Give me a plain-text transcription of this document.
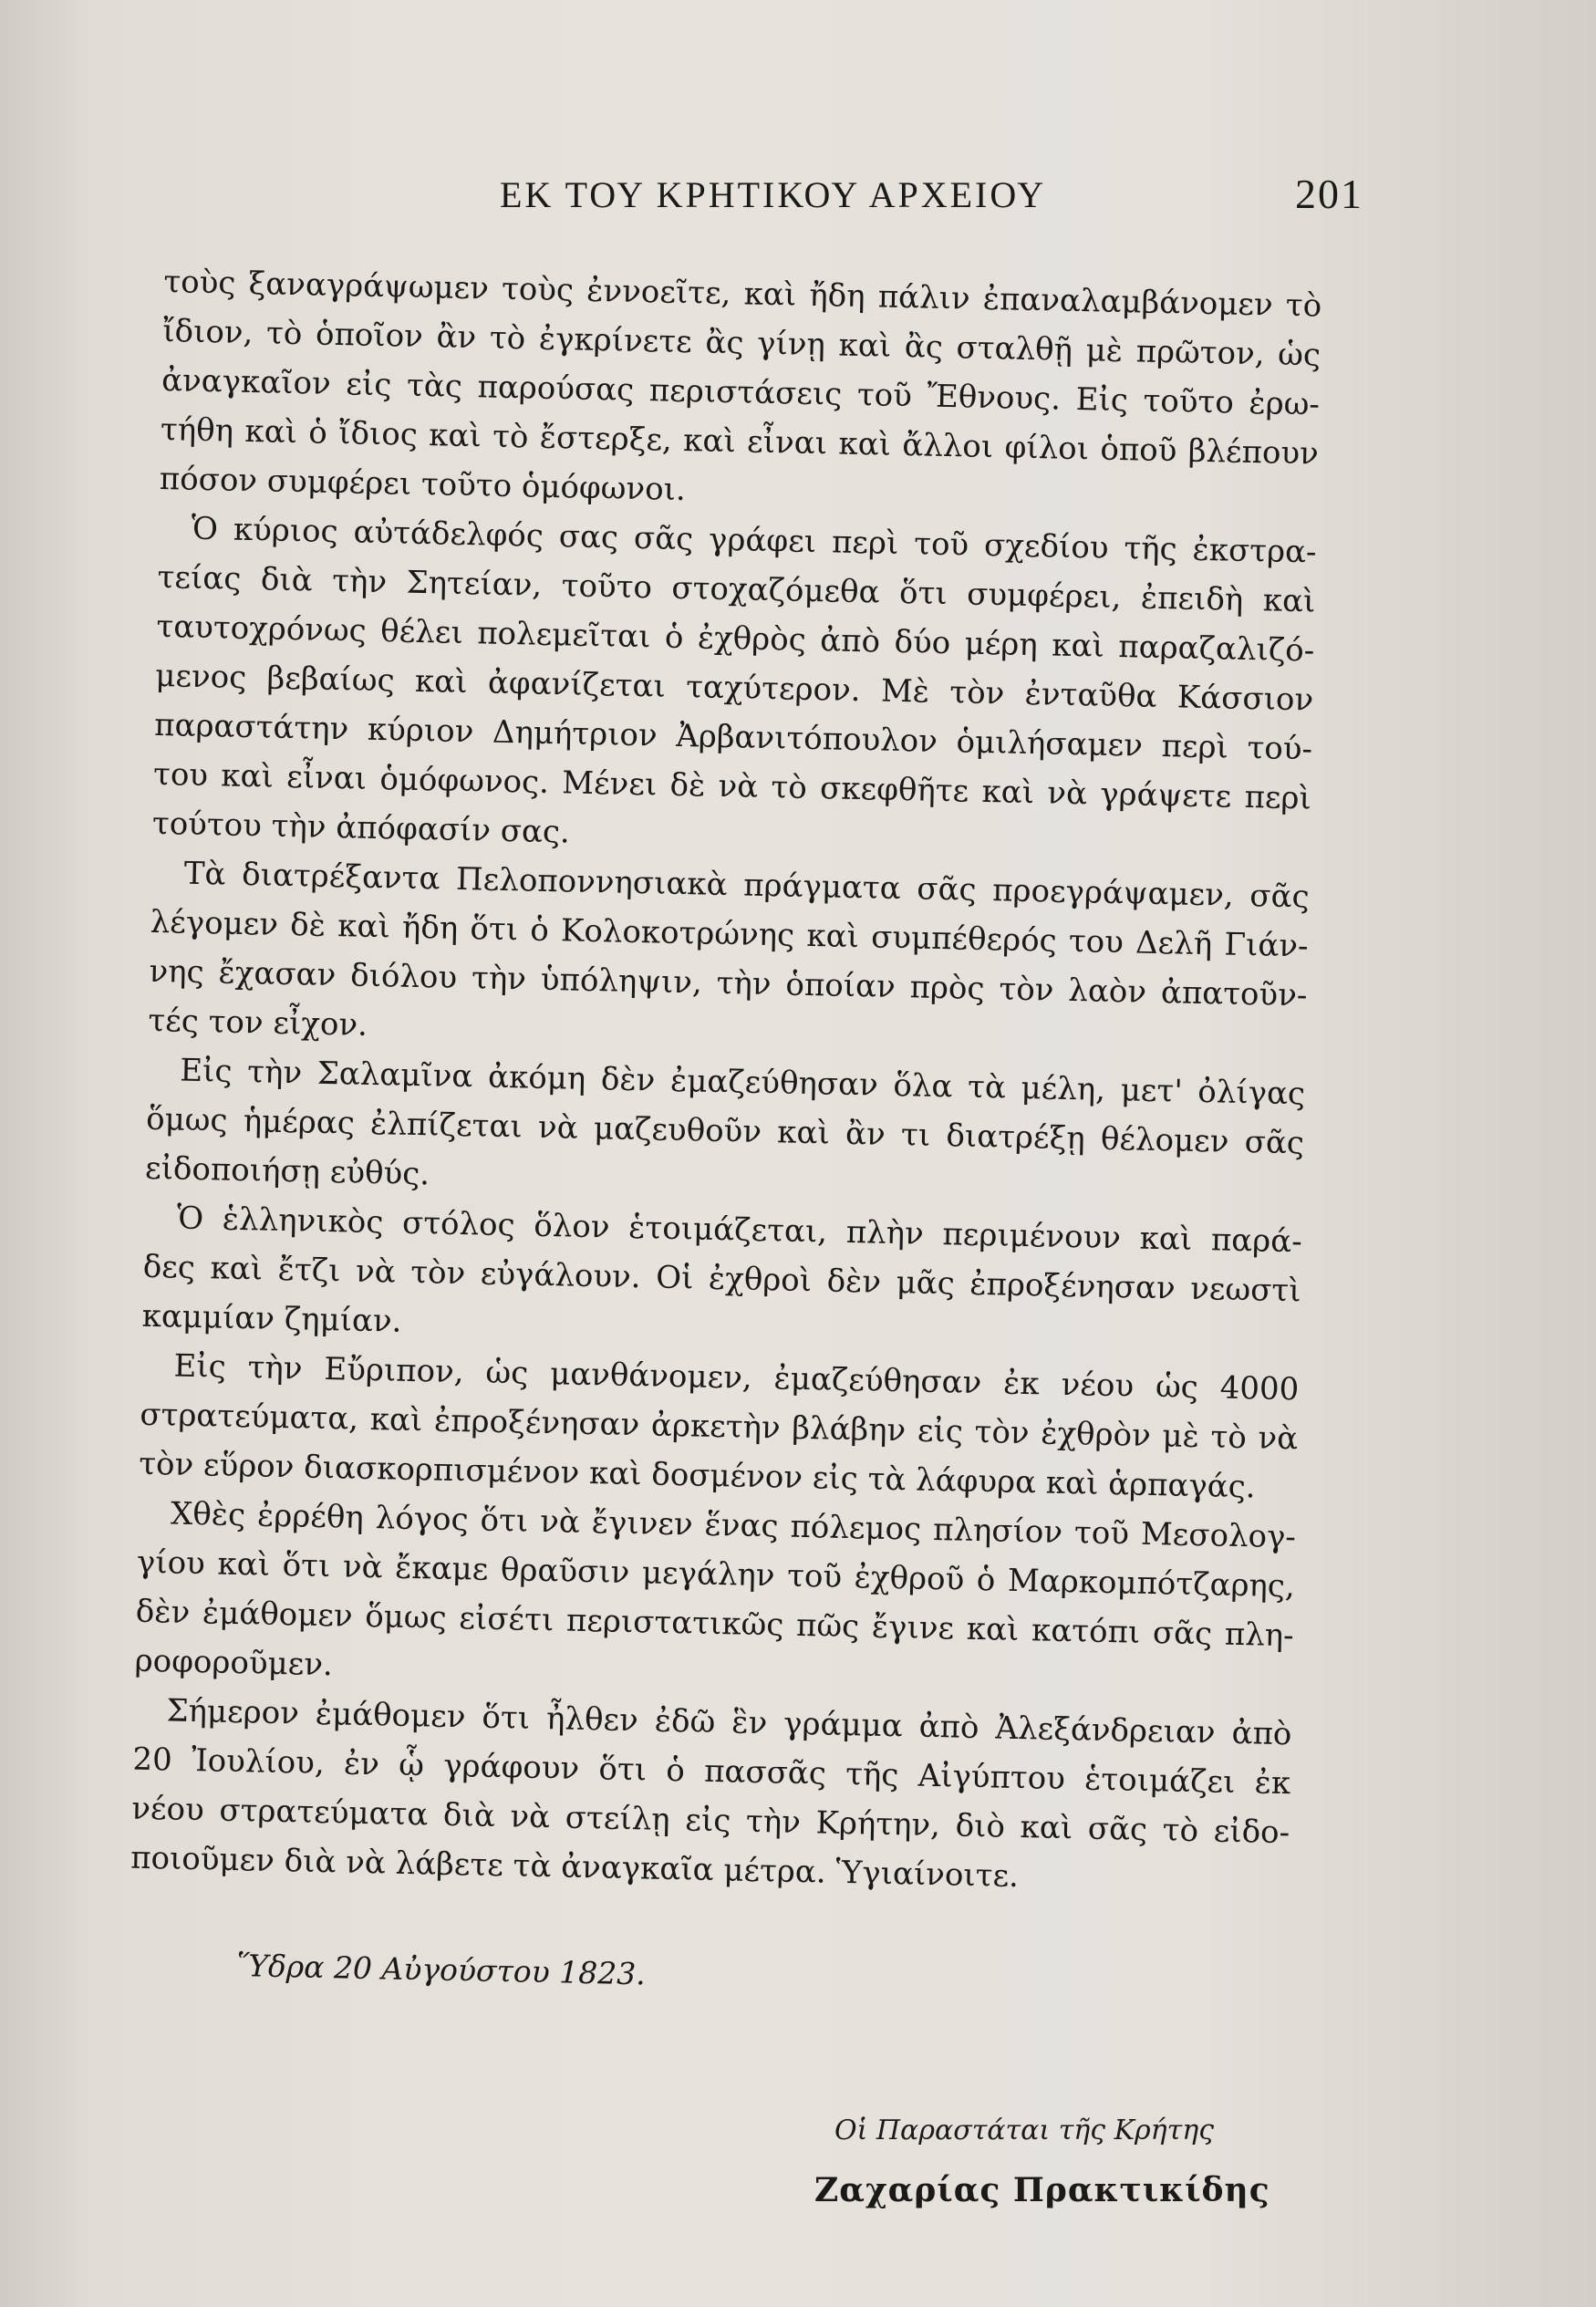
ΕΚ ΤΟΥ ΚΡΗΤΙΚΟΥ ΑΡΧΕΙΟΥ	201
τοὺς ξαναγράψωμεν τοὺς ἐννοεῖτε, καὶ ἤδη πάλιν ἐπαναλαμβάνομεν τὸ
ἴδιον, τὸ ὁποῖον ἂν τὸ ἐγκρίνετε ἂς γίνῃ καὶ ἂς σταλθῇ μὲ πρῶτον, ὡς
ἀναγκαῖον εἰς τὰς παρούσας περιστάσεις τοῦ Ἔθνους. Εἰς τοῦτο ἐρω-
τήθη καὶ ὁ ἴδιος καὶ τὸ ἔστερξε, καὶ εἶναι καὶ ἄλλοι φίλοι ὁποῦ βλέπουν
πόσον συμφέρει τοῦτο ὁμόφωνοι.
Ὁ κύριος αὐτάδελφός σας σᾶς γράφει περὶ τοῦ σχεδίου τῆς ἐκστρα-
τείας διὰ τὴν Σητείαν, τοῦτο στοχαζόμεθα ὅτι συμφέρει, ἐπειδὴ καὶ
ταυτοχρόνως θέλει πολεμεῖται ὁ ἐχθρὸς ἀπὸ δύο μέρη καὶ παραζαλιζό-
μενος βεβαίως καὶ ἀφανίζεται ταχύτερον. Μὲ τὸν ἐνταῦθα Κάσσιον
παραστάτην κύριον Δημήτριον Ἀρβανιτόπουλον ὁμιλήσαμεν περὶ τού-
του καὶ εἶναι ὁμόφωνος. Μένει δὲ νὰ τὸ σκεφθῆτε καὶ νὰ γράψετε περὶ
τούτου τὴν ἀπόφασίν σας.
Τὰ διατρέξαντα Πελοποννησιακὰ πράγματα σᾶς προεγράψαμεν, σᾶς
λέγομεν δὲ καὶ ἤδη ὅτι ὁ Κολοκοτρώνης καὶ συμπέθερός του Δελῆ Γιάν-
νης ἔχασαν διόλου τὴν ὑπόληψιν, τὴν ὁποίαν πρὸς τὸν λαὸν ἀπατοῦν-
τές τον εἶχον.
Εἰς τὴν Σαλαμῖνα ἀκόμη δὲν ἐμαζεύθησαν ὅλα τὰ μέλη, μετ' ὀλίγας
ὅμως ἡμέρας ἐλπίζεται νὰ μαζευθοῦν καὶ ἂν τι διατρέξῃ θέλομεν σᾶς
εἰδοποιήσῃ εὐθύς.
Ὁ ἑλληνικὸς στόλος ὅλον ἑτοιμάζεται, πλὴν περιμένουν καὶ παρά-
δες καὶ ἔτζι νὰ τὸν εὐγάλουν. Οἱ ἐχθροὶ δὲν μᾶς ἐπροξένησαν νεωστὶ
καμμίαν ζημίαν.
Εἰς τὴν Εὔριπον, ὡς μανθάνομεν, ἐμαζεύθησαν ἐκ νέου ὡς 4000
στρατεύματα, καὶ ἐπροξένησαν ἀρκετὴν βλάβην εἰς τὸν ἐχθρὸν μὲ τὸ νὰ
τὸν εὕρον διασκορπισμένον καὶ δοσμένον εἰς τὰ λάφυρα καὶ ἁρπαγάς.
Χθὲς ἐρρέθη λόγος ὅτι νὰ ἔγινεν ἕνας πόλεμος πλησίον τοῦ Μεσολογ-
γίου καὶ ὅτι νὰ ἔκαμε θραῦσιν μεγάλην τοῦ ἐχθροῦ ὁ Μαρκομπότζαρης,
δὲν ἐμάθομεν ὅμως εἰσέτι περιστατικῶς πῶς ἔγινε καὶ κατόπι σᾶς πλη-
ροφοροῦμεν.
Σήμερον ἐμάθομεν ὅτι ἦλθεν ἐδῶ ἓν γράμμα ἀπὸ Ἀλεξάνδρειαν ἀπὸ
20 Ἰουλίου, ἐν ᾧ γράφουν ὅτι ὁ πασσᾶς τῆς Αἰγύπτου ἑτοιμάζει ἐκ
νέου στρατεύματα διὰ νὰ στείλῃ εἰς τὴν Κρήτην, διὸ καὶ σᾶς τὸ εἰδο-
ποιοῦμεν διὰ νὰ λάβετε τὰ ἀναγκαῖα μέτρα. Ὑγιαίνοιτε.
Ὕδρα 20 Αὐγούστου 1823.
Οἱ Παραστάται τῆς Κρήτης
Ζαχαρίας Πρακτικίδης
